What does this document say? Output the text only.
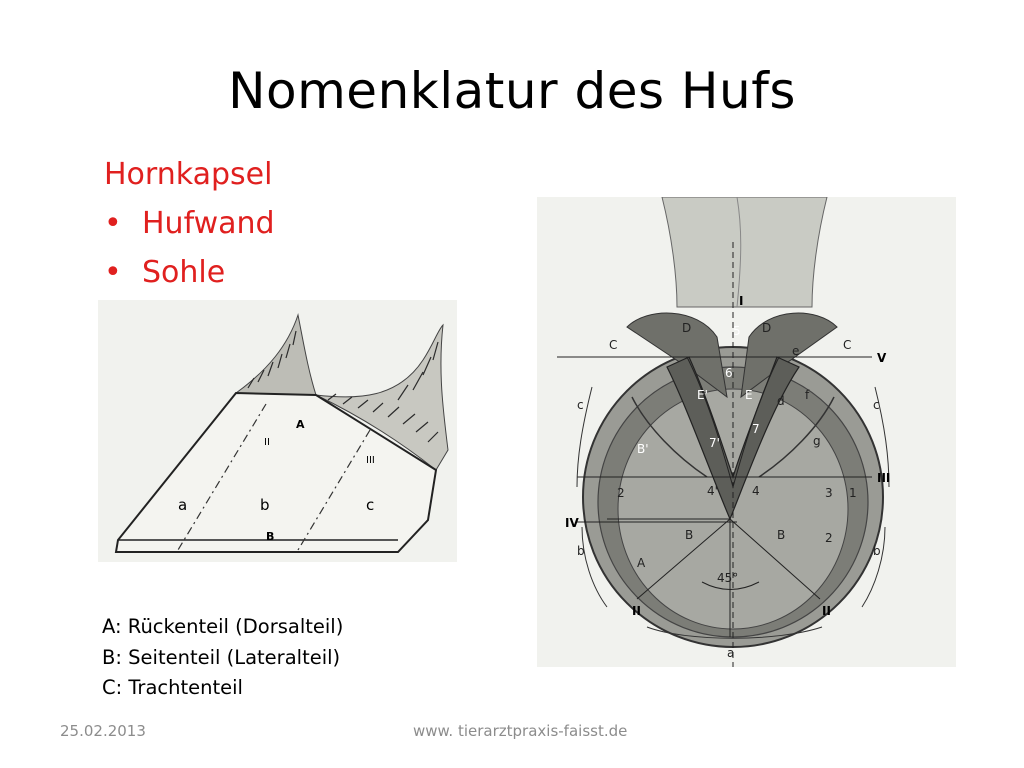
Nomenklatur des Hufs
Hornkapsel
• Hufwand
• Sohle
a	b	c
A
B
II
III
I
V
III
IV
II	II
C	C
c	c
b	b
a
D	D
5
6
E'	E d f
g
e
B'	7'
7
4'	4
B	B
A
2	3 1
2
45°
A: Rückenteil (Dorsalteil)
B: Seitenteil (Lateralteil)
C: Trachtenteil
25.02.2013	www. tierarztpraxis-faisst.de
